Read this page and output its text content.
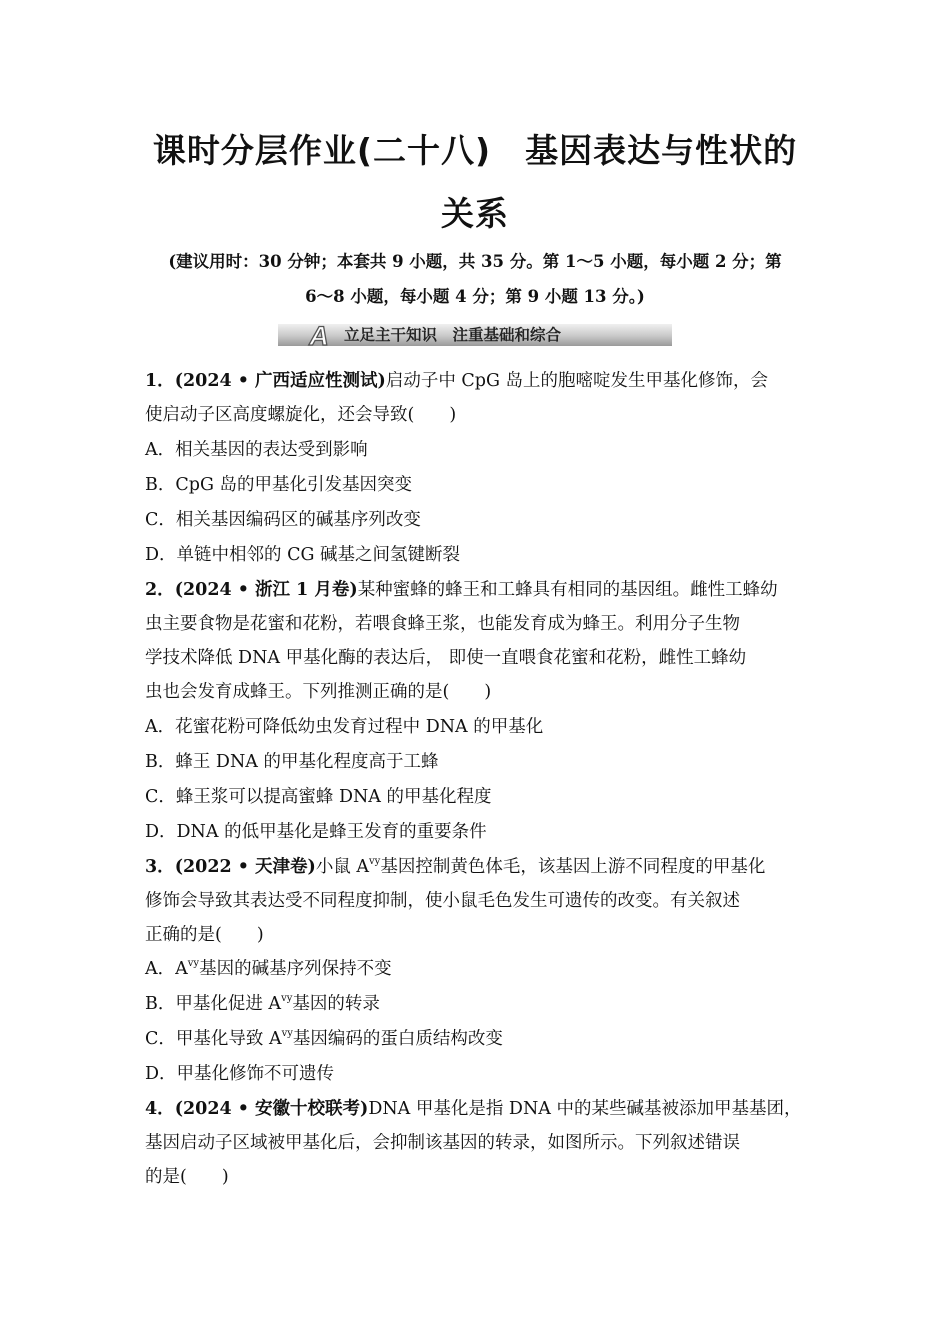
课时分层作业(二十八)　基因表达与性状的
关系
(建议用时：30 分钟；本套共 9 小题，共 35 分。第 1～5 小题，每小题 2 分；第
6～8 小题，每小题 4 分；第 9 小题 13 分。)
A 立足主干知识　注重基础和综合
1．(2024 • 广西适应性测试)启动子中 CpG 岛上的胞嘧啶发生甲基化修饰，会
使启动子区高度螺旋化，还会导致(　　)
A．相关基因的表达受到影响
B．CpG 岛的甲基化引发基因突变
C．相关基因编码区的碱基序列改变
D．单链中相邻的 CG 碱基之间氢键断裂
2．(2024 • 浙江 1 月卷)某种蜜蜂的蜂王和工蜂具有相同的基因组。雌性工蜂幼
虫主要食物是花蜜和花粉，若喂食蜂王浆，也能发育成为蜂王。利用分子生物
学技术降低 DNA 甲基化酶的表达后， 即使一直喂食花蜜和花粉，雌性工蜂幼
虫也会发育成蜂王。下列推测正确的是(　　)
A．花蜜花粉可降低幼虫发育过程中 DNA 的甲基化
B．蜂王 DNA 的甲基化程度高于工蜂
C．蜂王浆可以提高蜜蜂 DNA 的甲基化程度
D．DNA 的低甲基化是蜂王发育的重要条件
3．(2022 • 天津卷)小鼠 $A^{vy}$基因控制黄色体毛，该基因上游不同程度的甲基化
修饰会导致其表达受不同程度抑制，使小鼠毛色发生可遗传的改变。有关叙述
正确的是(　　)
A．$A^{vy}$基因的碱基序列保持不变
B．甲基化促进 $A^{vy}$基因的转录
C．甲基化导致 $A^{vy}$基因编码的蛋白质结构改变
D．甲基化修饰不可遗传
4．(2024 • 安徽十校联考)DNA 甲基化是指 DNA 中的某些碱基被添加甲基基团，
基因启动子区域被甲基化后，会抑制该基因的转录，如图所示。下列叙述错误
的是(　　)
